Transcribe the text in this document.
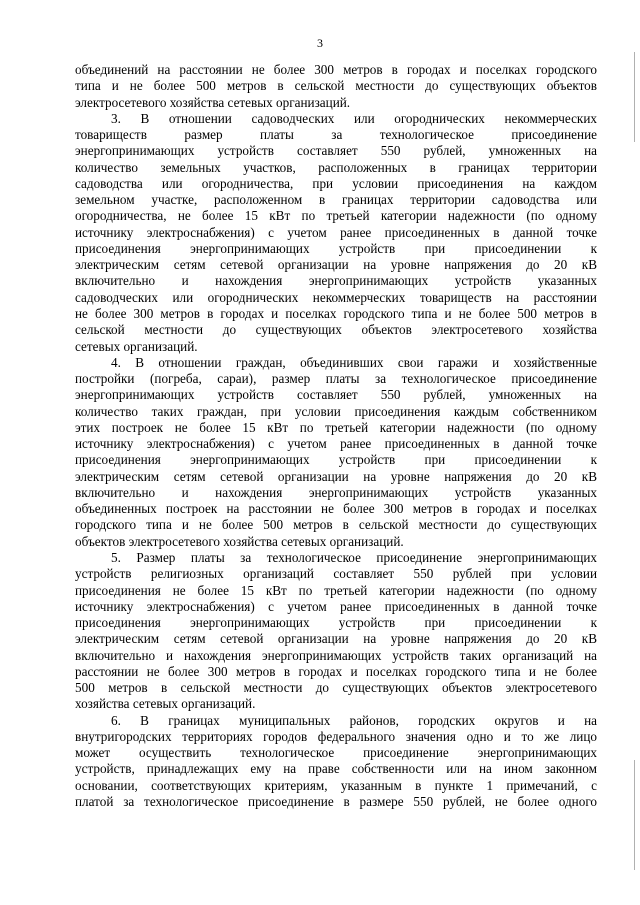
3
объединений на расстоянии не более 300 метров в городах и поселках городского
типа и не более 500 метров в сельской местности до существующих объектов
электросетевого хозяйства сетевых организаций.
3. В отношении садоводческих или огороднических некоммерческих
товариществ размер платы за технологическое присоединение
энергопринимающих устройств составляет 550 рублей, умноженных на
количество земельных участков, расположенных в границах территории
садоводства или огородничества, при условии присоединения на каждом
земельном участке, расположенном в границах территории садоводства или
огородничества, не более 15 кВт по третьей категории надежности (по одному
источнику электроснабжения) с учетом ранее присоединенных в данной точке
присоединения энергопринимающих устройств при присоединении к
электрическим сетям сетевой организации на уровне напряжения до 20 кВ
включительно и нахождения энергопринимающих устройств указанных
садоводческих или огороднических некоммерческих товариществ на расстоянии
не более 300 метров в городах и поселках городского типа и не более 500 метров в
сельской местности до существующих объектов электросетевого хозяйства
сетевых организаций.
4. В отношении граждан, объединивших свои гаражи и хозяйственные
постройки (погреба, сараи), размер платы за технологическое присоединение
энергопринимающих устройств составляет 550 рублей, умноженных на
количество таких граждан, при условии присоединения каждым собственником
этих построек не более 15 кВт по третьей категории надежности (по одному
источнику электроснабжения) с учетом ранее присоединенных в данной точке
присоединения энергопринимающих устройств при присоединении к
электрическим сетям сетевой организации на уровне напряжения до 20 кВ
включительно и нахождения энергопринимающих устройств указанных
объединенных построек на расстоянии не более 300 метров в городах и поселках
городского типа и не более 500 метров в сельской местности до существующих
объектов электросетевого хозяйства сетевых организаций.
5. Размер платы за технологическое присоединение энергопринимающих
устройств религиозных организаций составляет 550 рублей при условии
присоединения не более 15 кВт по третьей категории надежности (по одному
источнику электроснабжения) с учетом ранее присоединенных в данной точке
присоединения энергопринимающих устройств при присоединении к
электрическим сетям сетевой организации на уровне напряжения до 20 кВ
включительно и нахождения энергопринимающих устройств таких организаций на
расстоянии не более 300 метров в городах и поселках городского типа и не более
500 метров в сельской местности до существующих объектов электросетевого
хозяйства сетевых организаций.
6. В границах муниципальных районов, городских округов и на
внутригородских территориях городов федерального значения одно и то же лицо
может осуществить технологическое присоединение энергопринимающих
устройств, принадлежащих ему на праве собственности или на ином законном
основании, соответствующих критериям, указанным в пункте 1 примечаний, с
платой за технологическое присоединение в размере 550 рублей, не более одного
